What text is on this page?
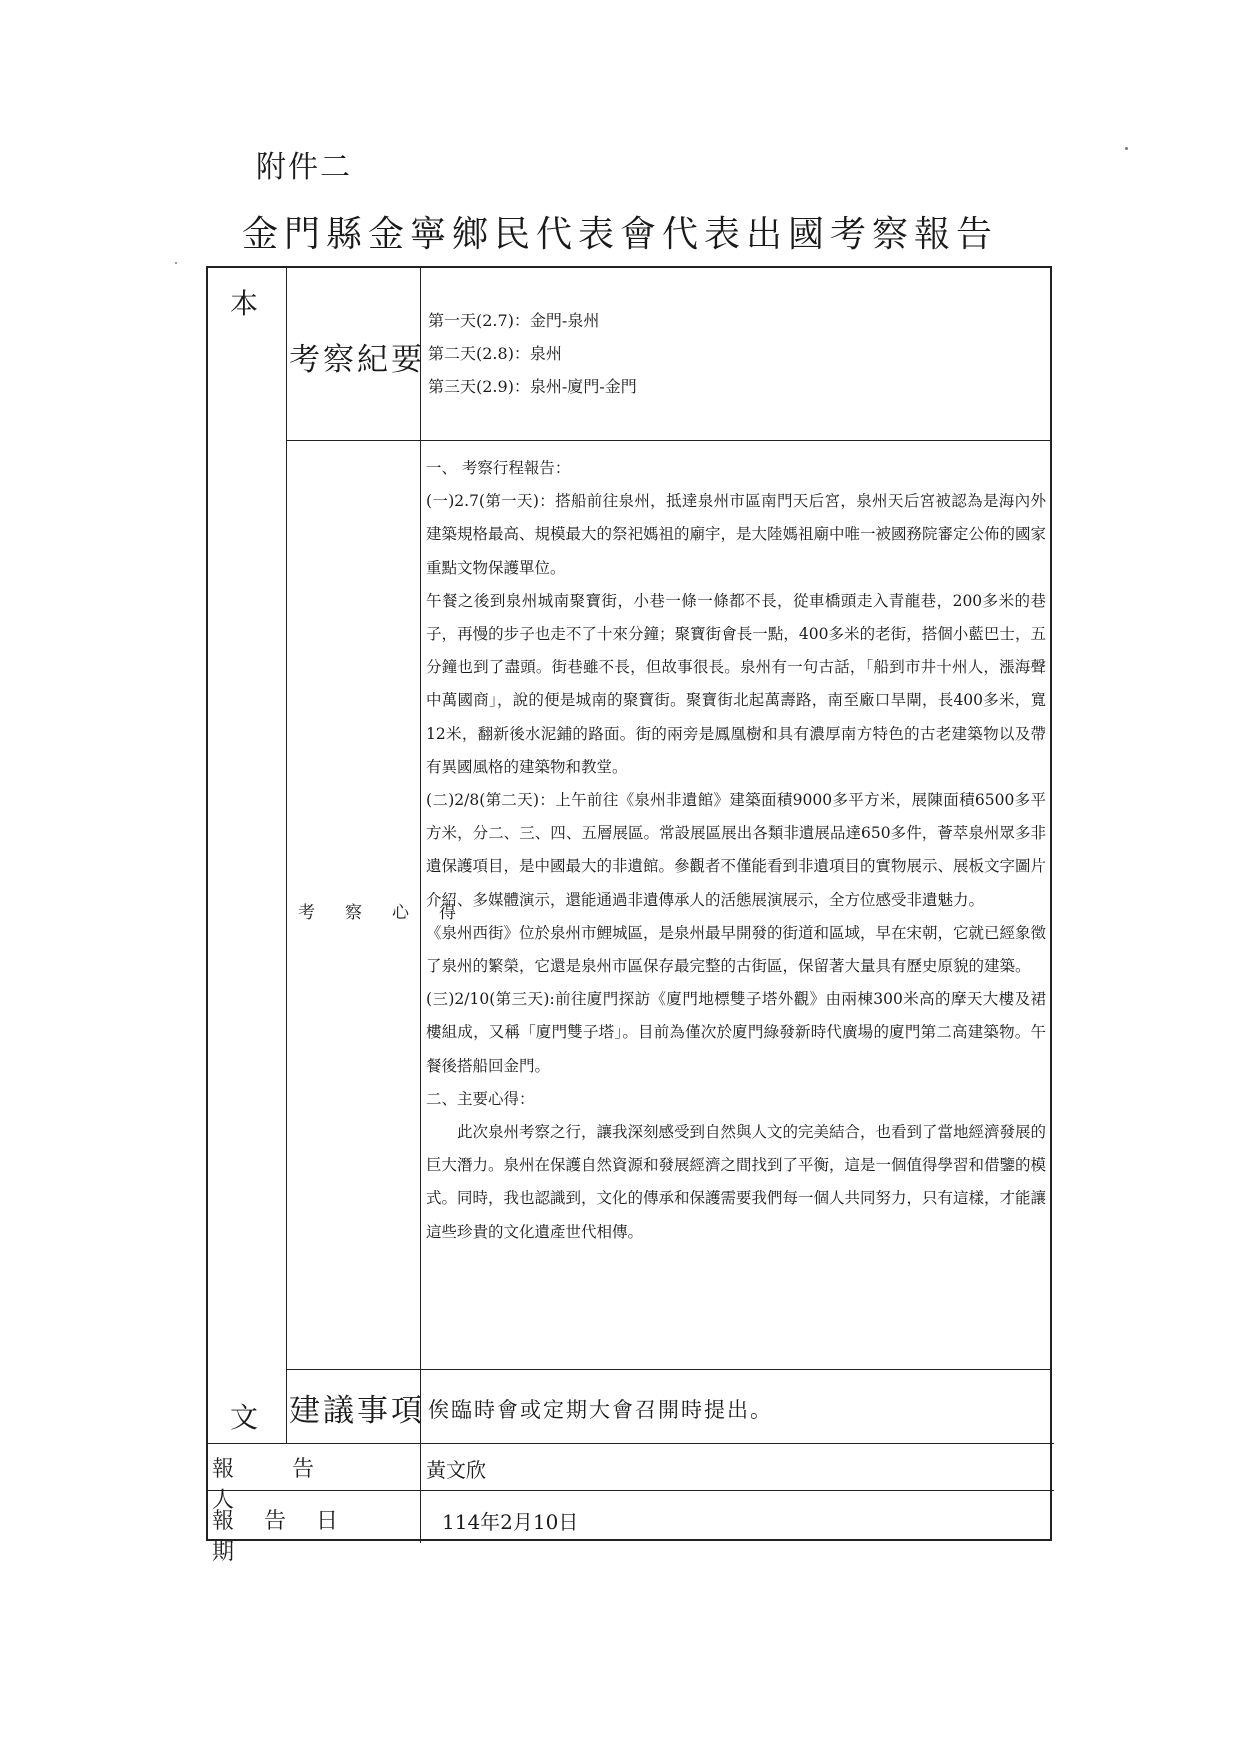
附件二
金門縣金寧鄉民代表會代表出國考察報告
本
文
考察紀要
第一天(2.7)：金門-泉州
第二天(2.8)：泉州
第三天(2.9)：泉州-廈門-金門
考察心得

一、 考察行程報告：

(一)2.7(第一天)：搭船前往泉州，抵達泉州市區南門天后宮，泉州天后宮被認為是海內外建築規格最高、規模最大的祭祀媽祖的廟宇，是大陸媽祖廟中唯一被國務院審定公佈的國家重點文物保護單位。

午餐之後到泉州城南聚寶街，小巷一條一條都不長，從車橋頭走入青龍巷，200多米的巷子，再慢的步子也走不了十來分鐘；聚寶街會長一點，400多米的老街，搭個小藍巴士，五分鐘也到了盡頭。街巷雖不長，但故事很長。泉州有一句古話，「船到市井十州人，漲海聲中萬國商」，說的便是城南的聚寶街。聚寶街北起萬壽路，南至廠口旱閘，長400多米，寬12米，翻新後水泥鋪的路面。街的兩旁是鳳凰樹和具有濃厚南方特色的古老建築物以及帶有異國風格的建築物和教堂。

(二)2/8(第二天)：上午前往《泉州非遺館》建築面積9000多平方米，展陳面積6500多平方米，分二、三、四、五層展區。常設展區展出各類非遺展品達650多件，薈萃泉州眾多非遺保護項目，是中國最大的非遺館。參觀者不僅能看到非遺項目的實物展示、展板文字圖片介紹、多媒體演示，還能通過非遺傳承人的活態展演展示，全方位感受非遺魅力。

《泉州西街》位於泉州市鯉城區，是泉州最早開發的街道和區域，早在宋朝，它就已經象徵了泉州的繁榮，它還是泉州市區保存最完整的古街區，保留著大量具有歷史原貌的建築。

(三)2/10(第三天):前往廈門探訪《廈門地標雙子塔外觀》由兩棟300米高的摩天大樓及裙樓組成，又稱「廈門雙子塔」。目前為僅次於廈門綠發新時代廣場的廈門第二高建築物。午餐後搭船回金門。

二、主要心得：

此次泉州考察之行，讓我深刻感受到自然與人文的完美結合，也看到了當地經濟發展的巨大潛力。泉州在保護自然資源和發展經濟之間找到了平衡，這是一個值得學習和借鑒的模式。同時，我也認識到，文化的傳承和保護需要我們每一個人共同努力，只有這樣，才能讓這些珍貴的文化遺產世代相傳。

建議事項 俟臨時會或定期大會召開時提出。
報告人
黃文欣
報告日期
114年2月10日
